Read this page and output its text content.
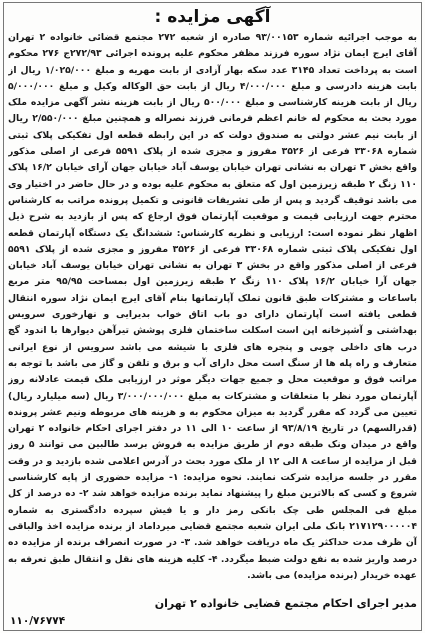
آگهی مزایده :
به موجب اجرائیه شماره ۹۳/۰۰۱۵۳ صادره از شعبه ۲۷۲ مجتمع قضائی خانواده ۲ تهران آقای ایرج ایمان نژاد سوره فرزند مظفر محکوم علیه پرونده اجرائی ۲۷۲/۹۳ج ۲۷۶ محکوم است به پرداخت تعداد ۳۱۴۵ عدد سکه بهار آزادی از بابت مهریه و مبلغ ۱/۰۲۵/۰۰۰ ریال از بابت هزینه دادرسی و مبلغ ۴/۰۰۰/۰۰۰ ریال از بابت حق الوکاله وکیل و مبلغ ۵/۰۰۰/۰۰۰ ریال از بابت هزینه کارشناسی و مبلغ ۵۰۰/۰۰۰ ریال از بابت هزینه نشر آگهی مزایده ملک مورد بحث به محکوم له خانم اعظم فرمانی فرزند نصراله و همچنین مبلغ ۲/۵۵۰/۰۰۰ ریال از بابت نیم عشر دولتی به صندوق دولت که در این رابطه قطعه اول تفکیکی پلاک ثبتی شماره ۳۳۰۶۸ فرعی از ۳۵۲۶ مفروز و مجزی شده از پلاک ۵۵۹۱ فرعی از اصلی مذکور واقع بخش ۳ تهران به نشانی تهران خیابان یوسف آباد خیابان جهان آرای خیابان ۱۶/۲ پلاک ۱۱۰ زنگ ۲ طبقه زیرزمین اول که متعلق به محکوم علیه بوده و در حال حاضر در اختیار وی می باشد توقیف گردید و پس از طی تشریفات قانونی و تکمیل پرونده مراتب به کارشناس محترم جهت ارزیابی قیمت و موقعیت آپارتمان فوق ارجاع که پس از بازدید به شرح ذیل اظهار نظر نموده است: ارزیابی و نظریه کارشناس: ششدانگ یک دستگاه آپارتمان قطعه اول تفکیکی پلاک ثبتی شماره ۳۳۰۶۸ فرعی از ۳۵۲۶ مفروز و مجزی شده از پلاک ۵۵۹۱ فرعی از اصلی مذکور واقع در بخش ۳ تهران به نشانی تهران خیابان یوسف آباد خیابان جهان آرا خیابان ۱۶/۲ پلاک ۱۱۰ زنگ ۲ طبقه زیرزمین اول بمساحت ۹۵/۹۵ متر مربع باساعات و مشترکات طبق قانون تملک آپارتمانها بنام آقای ایرج ایمان نژاد سوره انتقال قطعی یافته است آپارتمان دارای دو باب اتاق خواب بدیرایی و نهارخوری سرویس بهداشتی و آشپزخانه اپن است اسکلت ساختمان فلزی پوشش تیرآهن دیوارها با اندود گچ درب های داخلی چوبی و پنجره های فلزی با شیشه می باشد سرویس از نوع ایرانی متعارف و راه پله ها از سنگ است محل دارای آب و برق و تلفن و گاز می باشد با توجه به مراتب فوق و موقعیت محل و جمیع جهات دیگر موثر در ارزیابی ملک قیمت عادلانه روز آپارتمان مورد نظر با متعلقات و مشترکات به مبلغ ۳/۰۰۰/۰۰۰/۰۰۰ ریال (سه میلیارد ریال) تعیین می گردد که مقرر گردید به میزان محکوم به و هزینه های مربوطه ونیم عشر پرونده (قدرالسهم) در تاریخ ۹۳/۸/۱۹ از ساعت ۱۰ الی ۱۱ در دفتر اجرای احکام خانواده ۲ تهران واقع در میدان ونک طبقه دوم از طریق مزایده به فروش برسد طالبین می توانند ۵ روز قبل از مزایده از ساعت ۸ الی ۱۲ از ملک مورد بحث در آدرس اعلامی شده بازدید و در وقت مقرر در جلسه مزایده شرکت نمایند. نحوه مزایده: ۱- مزایده حضوری از پایه کارشناسی شروع و کسی که بالاترین مبلغ را پیشنهاد نماید برنده مزایده خواهد شد ۲- ده درصد از کل مبلغ فی المجلس طی چک بانکی رمز دار و یا فیش سپرده دادگستری به شماره ۲۱۷۱۲۹۰۰۰۰۰۴ بانک ملی ایران شعبه مجتمع قضایی میرداماد از برنده مزایده اخذ والباقی آن ظرف مدت حداکثر یک ماه دریافت خواهد شد. ۳- در صورت انصراف برنده از مزایده ده درصد واریز شده به نفع دولت ضبط میگردد. ۴- کلیه هزینه های نقل و انتقال طبق تعرفه به عهده خریدار (برنده مزایده) می باشد.
مدیر اجرای احکام مجتمع قضایی خانواده ۲ تهران
۱۱۰/۷۶۷۷۴
